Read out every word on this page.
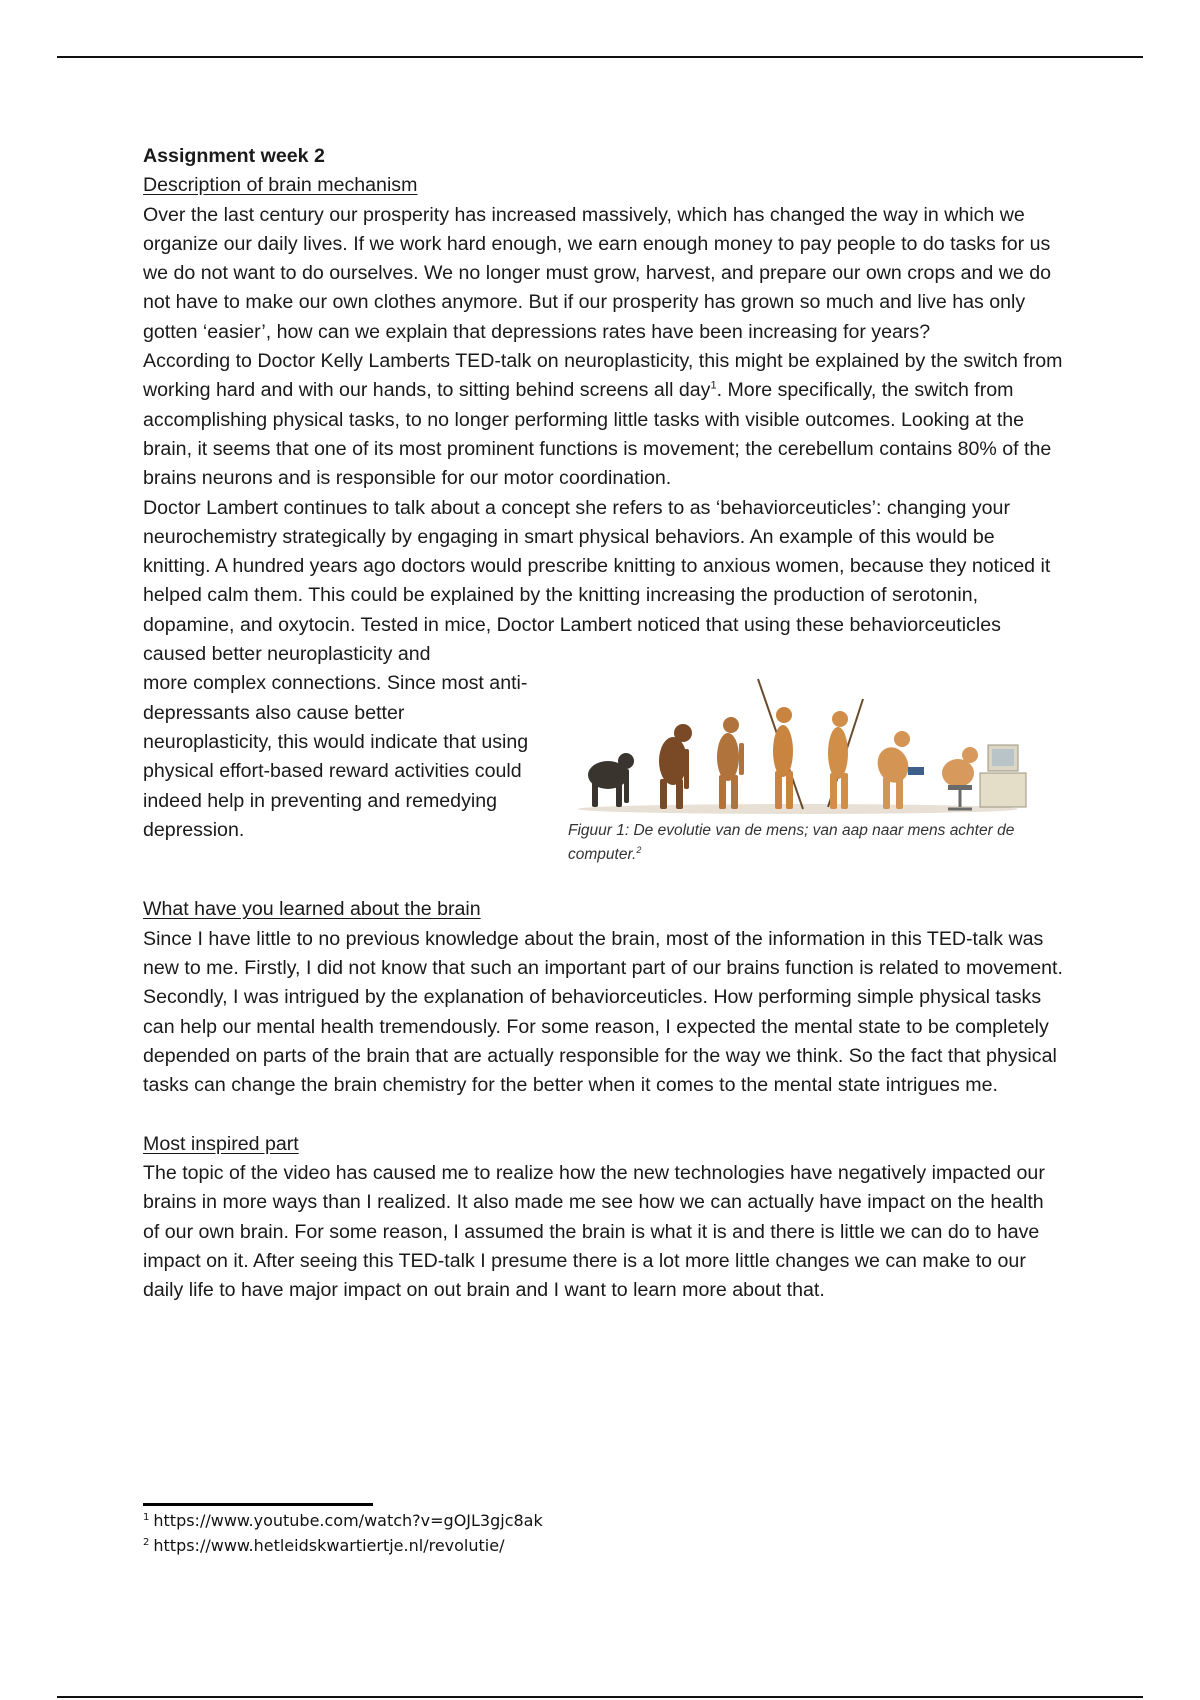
Assignment week 2

Description of brain mechanism

Over the last century our prosperity has increased massively, which has changed the way in which we organize our daily lives. If we work hard enough, we earn enough money to pay people to do tasks for us we do not want to do ourselves. We no longer must grow, harvest, and prepare our own crops and we do not have to make our own clothes anymore. But if our prosperity has grown so much and live has only gotten ‘easier’, how can we explain that depressions rates have been increasing for years?

According to Doctor Kelly Lamberts TED-talk on neuroplasticity, this might be explained by the switch from working hard and with our hands, to sitting behind screens all day$^1$. More specifically, the switch from accomplishing physical tasks, to no longer performing little tasks with visible outcomes. Looking at the brain, it seems that one of its most prominent functions is movement; the cerebellum contains 80% of the brains neurons and is responsible for our motor coordination.

Doctor Lambert continues to talk about a concept she refers to as ‘behaviorceuticles’: changing your neurochemistry strategically by engaging in smart physical behaviors. An example of this would be knitting. A hundred years ago doctors would prescribe knitting to anxious women, because they noticed it helped calm them. This could be explained by the knitting increasing the production of serotonin, dopamine, and oxytocin. Tested in mice, Doctor Lambert noticed that using these behaviorceuticles caused better neuroplasticity and

more complex connections. Since most anti-depressants also cause better neuroplasticity, this would indicate that using physical effort-based reward activities could indeed help in preventing and remedying depression.	Figuur 1: De evolutie van de mens; van aap naar mens achter de computer.$^2$

What have you learned about the brain

Since I have little to no previous knowledge about the brain, most of the information in this TED-talk was new to me. Firstly, I did not know that such an important part of our brains function is related to movement. Secondly, I was intrigued by the explanation of behaviorceuticles. How performing simple physical tasks can help our mental health tremendously. For some reason, I expected the mental state to be completely depended on parts of the brain that are actually responsible for the way we think. So the fact that physical tasks can change the brain chemistry for the better when it comes to the mental state intrigues me.

Most inspired part

The topic of the video has caused me to realize how the new technologies have negatively impacted our brains in more ways than I realized. It also made me see how we can actually have impact on the health of our own brain. For some reason, I assumed the brain is what it is and there is little we can do to have impact on it. After seeing this TED-talk I presume there is a lot more little changes we can make to our daily life to have major impact on out brain and I want to learn more about that.

$^1$ https://www.youtube.com/watch?v=gOJL3gjc8ak
$^2$ https://www.hetleidskwartiertje.nl/revolutie/
